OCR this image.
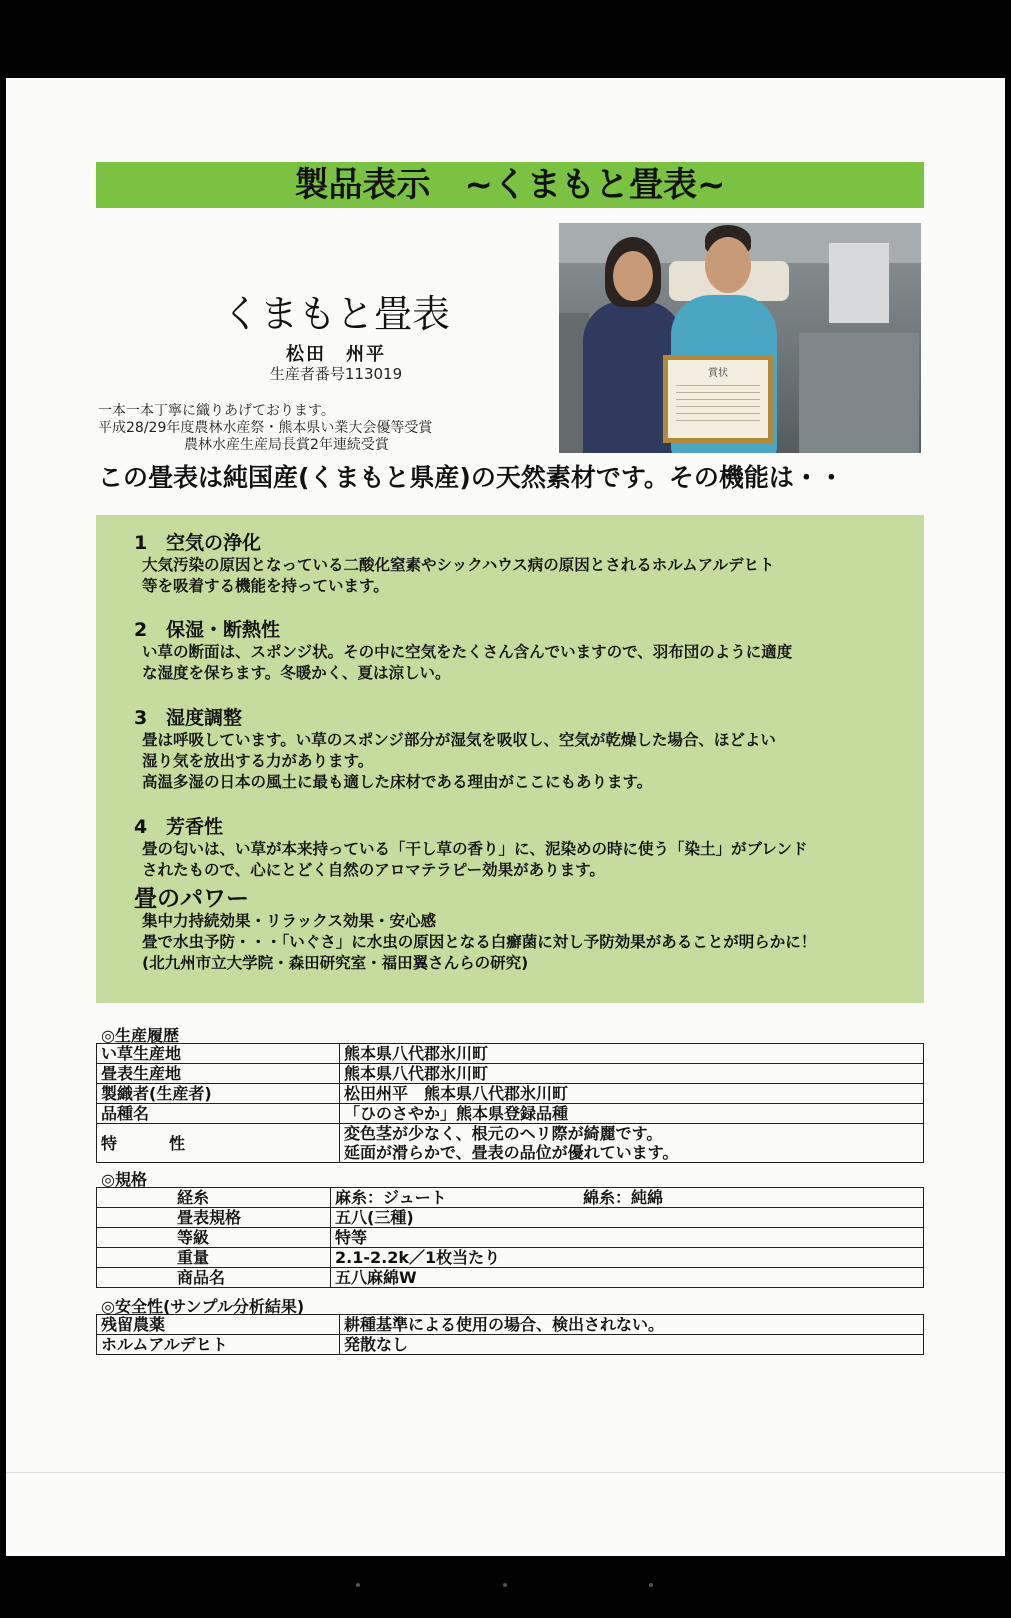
製品表示　~くまもと畳表~
くまもと畳表
松田　州平
生産者番号113019
一本一本丁寧に織りあげております。
平成28/29年度農林水産祭・熊本県い業大会優等受賞
農林水産生産局長賞2年連続受賞
賞状
この畳表は純国産(くまもと県産)の天然素材です。その機能は・・
1 空気の浄化
大気汚染の原因となっている二酸化窒素やシックハウス病の原因とされるホルムアルデヒト
等を吸着する機能を持っています。
2 保湿・断熱性
い草の断面は、スポンジ状。その中に空気をたくさん含んでいますので、羽布団のように適度
な湿度を保ちます。冬暖かく、夏は涼しい。
3 湿度調整
畳は呼吸しています。い草のスポンジ部分が湿気を吸収し、空気が乾燥した場合、ほどよい
湿り気を放出する力があります。
高温多湿の日本の風土に最も適した床材である理由がここにもあります。
4 芳香性
畳の匂いは、い草が本来持っている「干し草の香り」に、泥染めの時に使う「染土」がブレンド
されたもので、心にとどく自然のアロマテラピー効果があります。
畳のパワー
集中力持続効果・リラックス効果・安心感
畳で水虫予防・・・「いぐさ」に水虫の原因となる白癬菌に対し予防効果があることが明らかに！
(北九州市立大学院・森田研究室・福田翼さんらの研究)
◎生産履歴
い草生産地	熊本県八代郡氷川町
畳表生産地	熊本県八代郡氷川町
製織者(生産者)	松田州平　熊本県八代郡氷川町
品種名	「ひのさやか」熊本県登録品種
特　性	変色茎が少なく、根元のヘリ際が綺麗です。
延面が滑らかで、畳表の品位が優れています。
◎規格
経糸	麻糸：ジュート 綿糸：純綿
畳表規格	五八(三種)
等級	特等
重量	2.1-2.2k／1枚当たり
商品名	五八麻綿W
◎安全性(サンプル分析結果)
残留農薬	耕種基準による使用の場合、検出されない。
ホルムアルデヒト	発散なし
